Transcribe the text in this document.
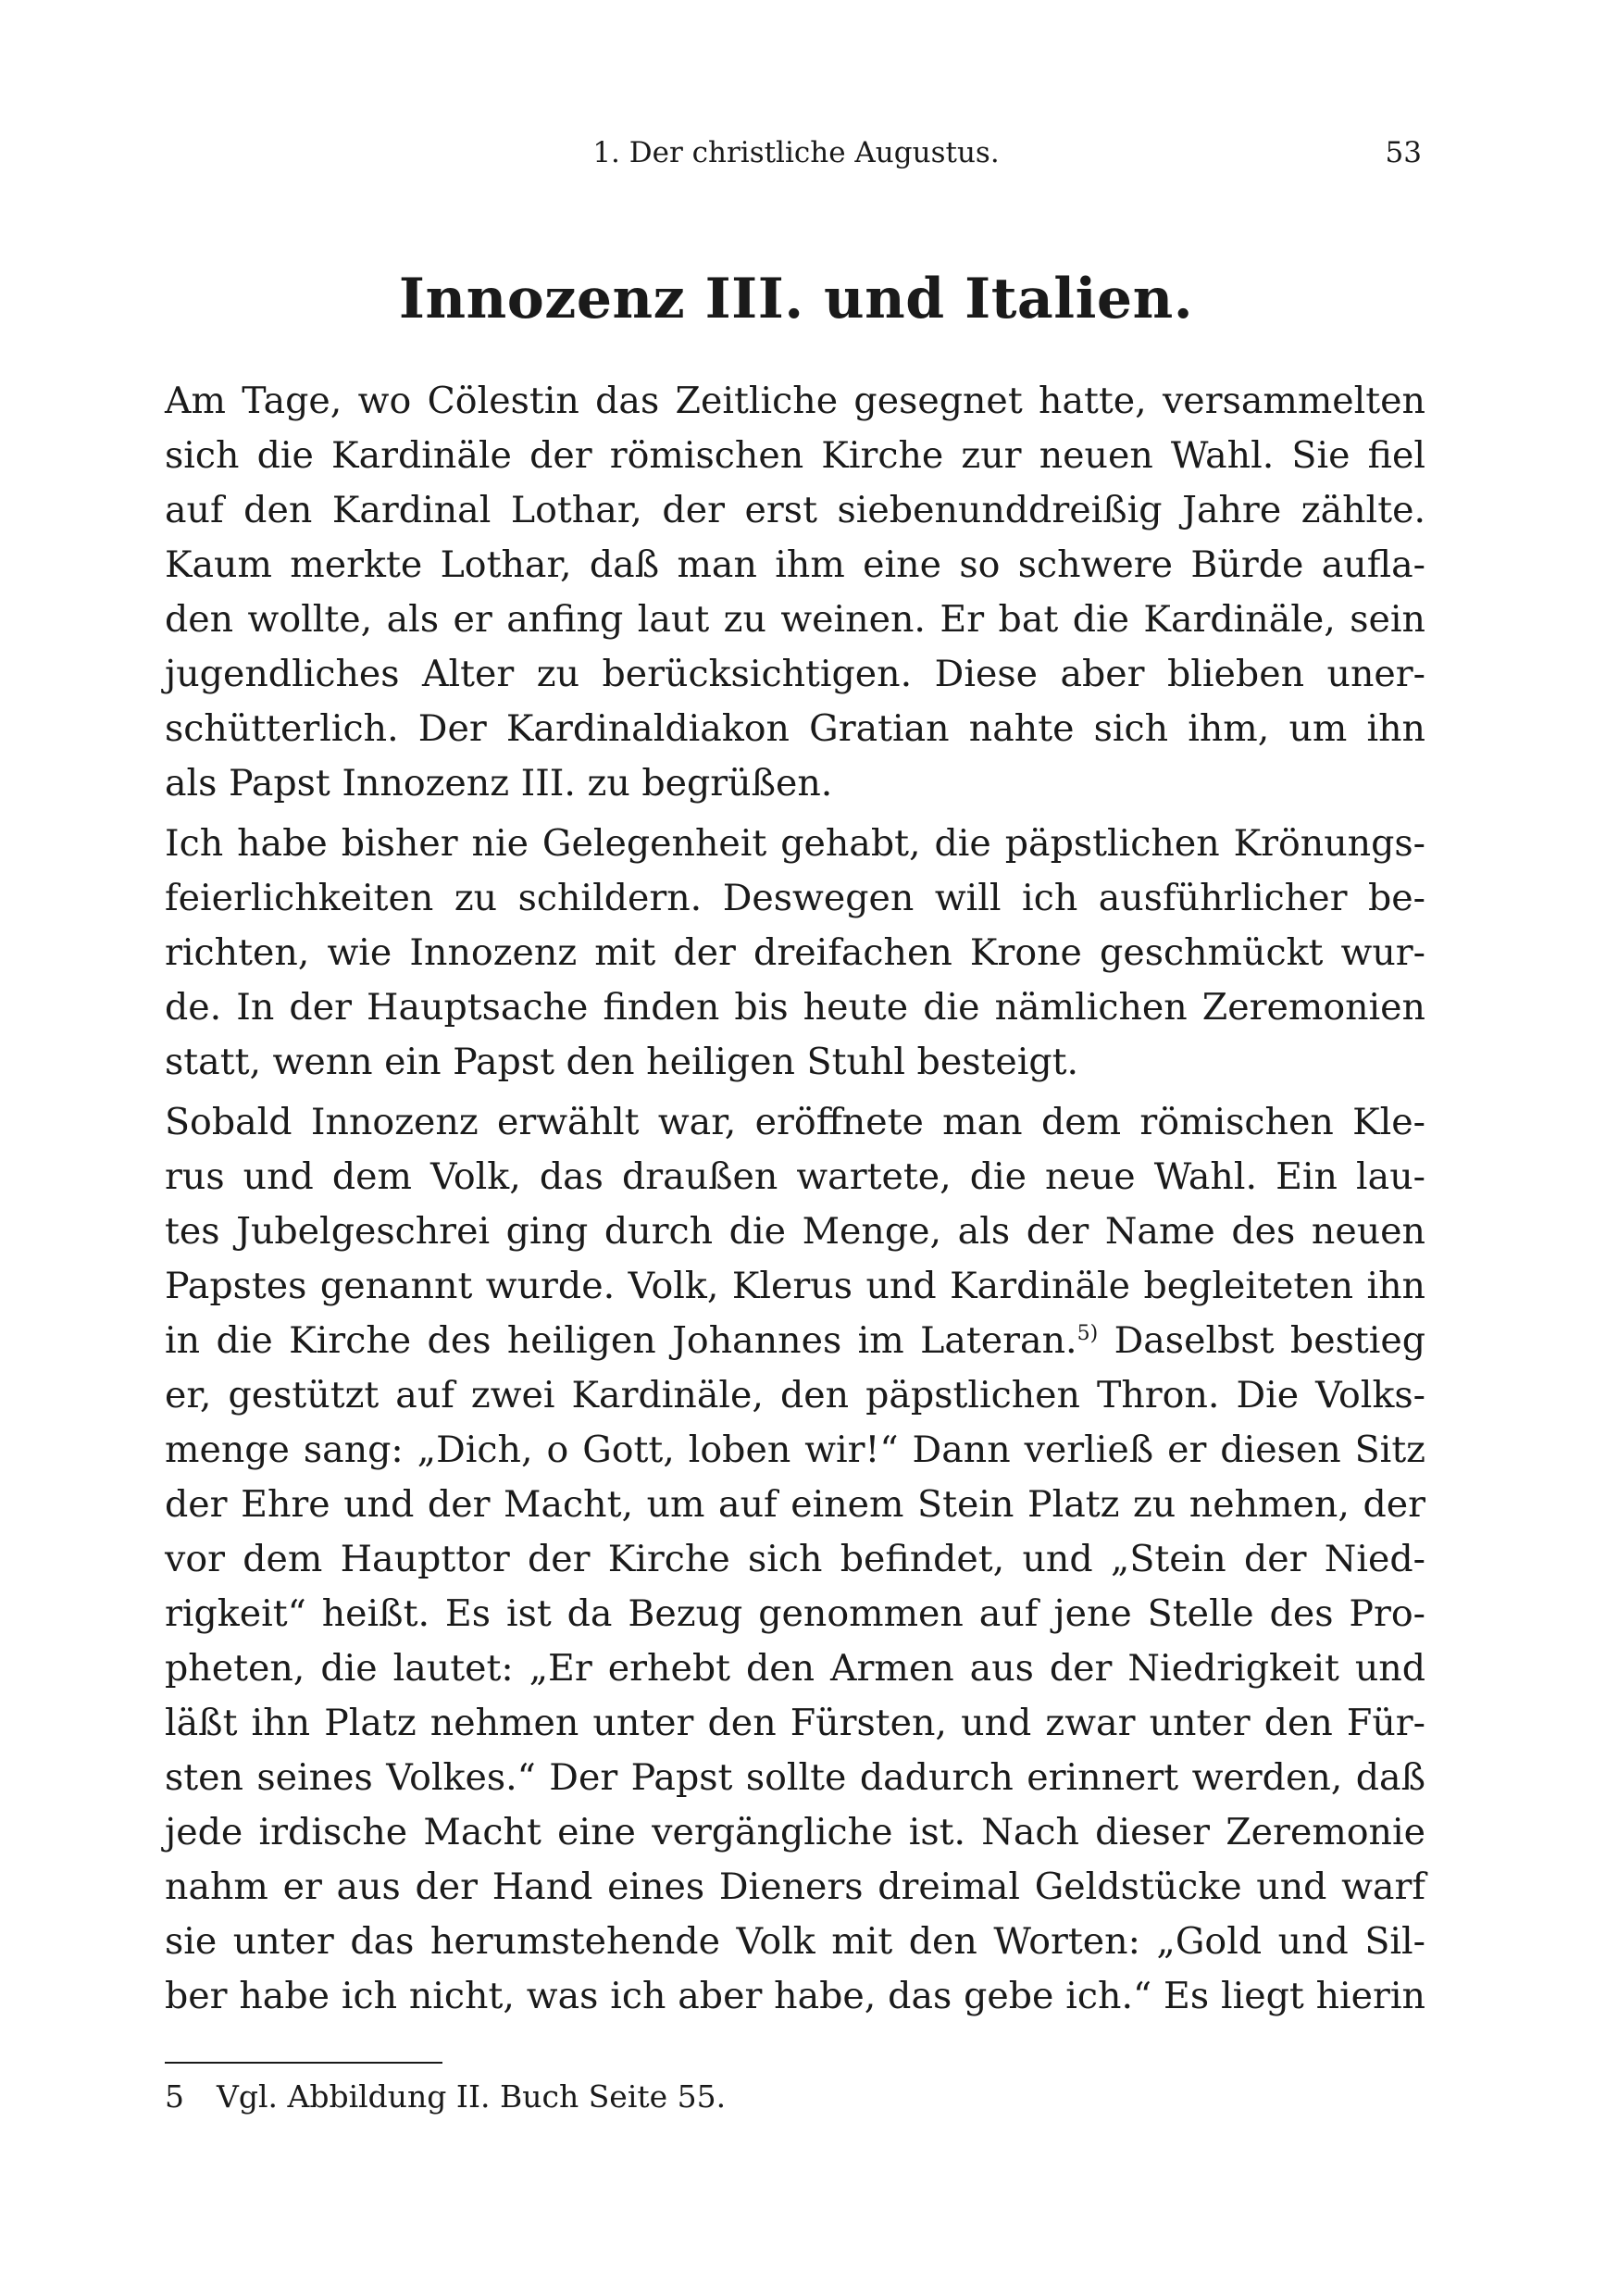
1. Der christliche Augustus.	53
Innozenz III. und Italien.

Am Tage, wo Cölestin das Zeitliche gesegnet hatte, versammelten
sich die Kardinäle der römischen Kirche zur neuen Wahl. Sie fiel
auf den Kardinal Lothar, der erst siebenunddreißig Jahre zählte.
Kaum merkte Lothar, daß man ihm eine so schwere Bürde aufla-
den wollte, als er anfing laut zu weinen. Er bat die Kardinäle, sein
jugendliches Alter zu berücksichtigen. Diese aber blieben uner-
schütterlich. Der Kardinaldiakon Gratian nahte sich ihm, um ihn
als Papst Innozenz III. zu begrüßen.

Ich habe bisher nie Gelegenheit gehabt, die päpstlichen Krönungs-
feierlichkeiten zu schildern. Deswegen will ich ausführlicher be-
richten, wie Innozenz mit der dreifachen Krone geschmückt wur-
de. In der Hauptsache finden bis heute die nämlichen Zeremonien
statt, wenn ein Papst den heiligen Stuhl besteigt.

Sobald Innozenz erwählt war, eröffnete man dem römischen Kle-
rus und dem Volk, das draußen wartete, die neue Wahl. Ein lau-
tes Jubelgeschrei ging durch die Menge, als der Name des neuen
Papstes genannt wurde. Volk, Klerus und Kardinäle begleiteten ihn
in die Kirche des heiligen Johannes im Lateran.$^{5)}$ Daselbst bestieg
er, gestützt auf zwei Kardinäle, den päpstlichen Thron. Die Volks-
menge sang: „Dich, o Gott, loben wir!“ Dann verließ er diesen Sitz
der Ehre und der Macht, um auf einem Stein Platz zu nehmen, der
vor dem Haupttor der Kirche sich befindet, und „Stein der Nied-
rigkeit“ heißt. Es ist da Bezug genommen auf jene Stelle des Pro-
pheten, die lautet: „Er erhebt den Armen aus der Niedrigkeit und
läßt ihn Platz nehmen unter den Fürsten, und zwar unter den Für-
sten seines Volkes.“ Der Papst sollte dadurch erinnert werden, daß
jede irdische Macht eine vergängliche ist. Nach dieser Zeremonie
nahm er aus der Hand eines Dieners dreimal Geldstücke und warf
sie unter das herumstehende Volk mit den Worten: „Gold und Sil-
ber habe ich nicht, was ich aber habe, das gebe ich.“ Es liegt hierin

5 Vgl. Abbildung II. Buch Seite 55.
